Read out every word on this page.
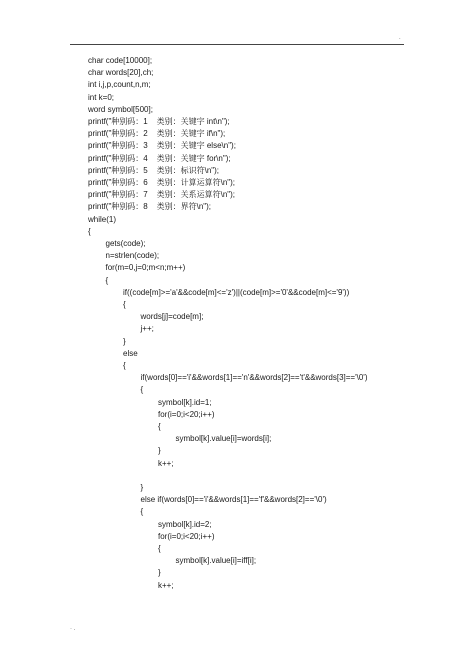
.
char code[10000];
char words[20],ch;
int i,j,p,count,n,m;
int k=0;
word symbol[500];
printf("种别码：1    类别：关键字 int\n");
printf("种别码：2    类别：关键字 if\n");
printf("种别码：3    类别：关键字 else\n");
printf("种别码：4    类别：关键字 for\n");
printf("种别码：5    类别：标识符\n");
printf("种别码：6    类别：计算运算符\n");
printf("种别码：7    类别：关系运算符\n");
printf("种别码：8    类别：界符\n");
while(1)
{
gets(code);
n=strlen(code);
for(m=0,j=0;m<n;m++)
{
if((code[m]>='a'&&code[m]<='z')||(code[m]>='0'&&code[m]<='9'))
{
words[j]=code[m];
j++;
}
else
{
if(words[0]=='i'&&words[1]=='n'&&words[2]=='t'&&words[3]=='\0')
{
symbol[k].id=1;
for(i=0;i<20;i++)
{
symbol[k].value[i]=words[i];
}
k++;
}
else if(words[0]=='i'&&words[1]=='f'&&words[2]=='\0')
{
symbol[k].id=2;
for(i=0;i<20;i++)
{
symbol[k].value[i]=iff[i];
}
k++;
· .
